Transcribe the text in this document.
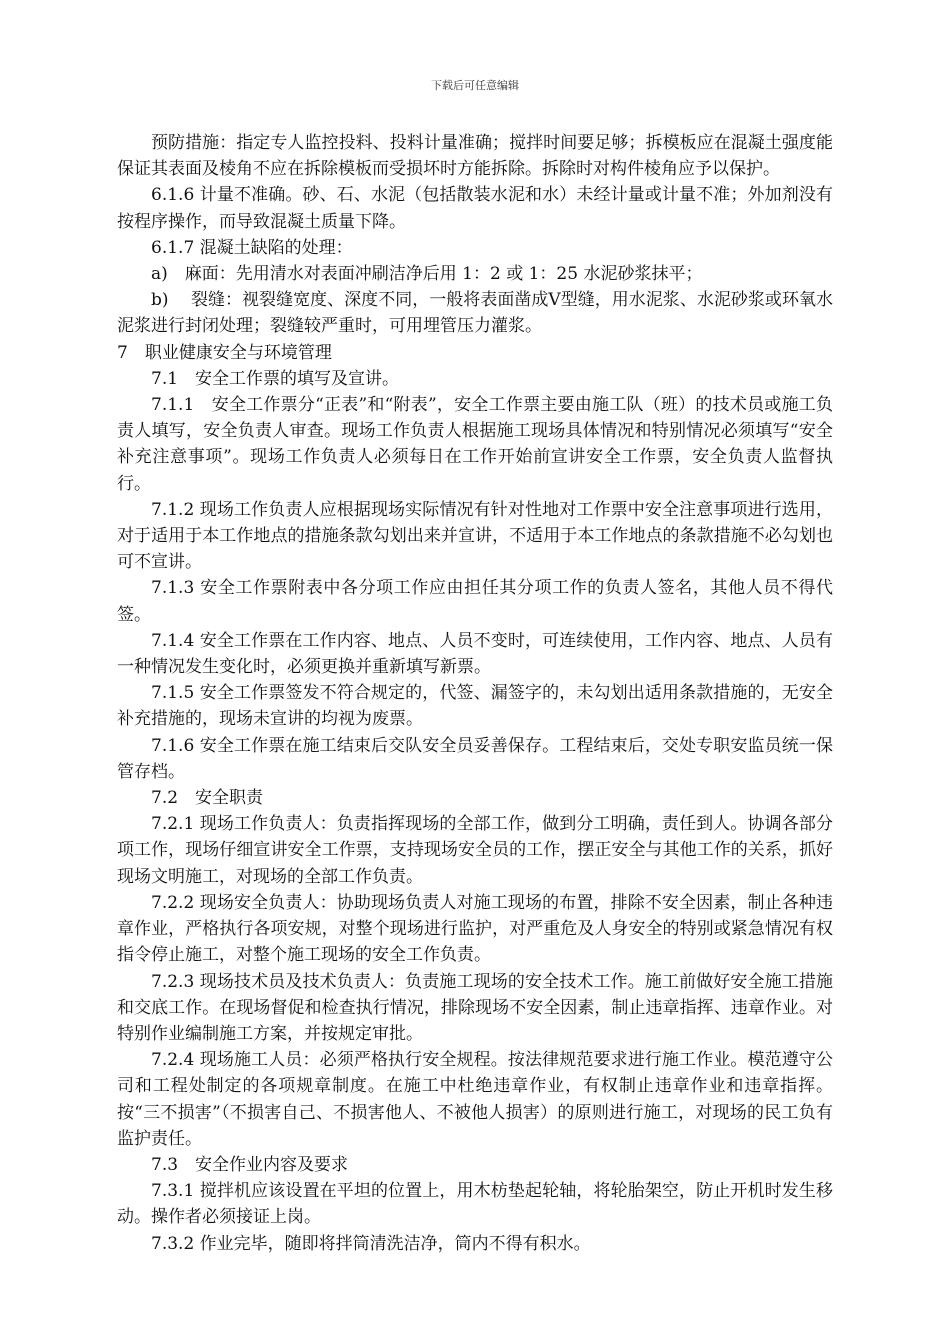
下载后可任意编辑

预防措施：指定专人监控投料、投料计量准确；搅拌时间要足够；拆模板应在混凝土强度能保证其表面及棱角不应在拆除模板而受损坏时方能拆除。拆除时对构件棱角应予以保护。

6.1.6 计量不准确。砂、石、水泥（包括散装水泥和水）未经计量或计量不准；外加剂没有按程序操作，而导致混凝土质量下降。

6.1.7 混凝土缺陷的处理：

a)　麻面：先用清水对表面冲刷洁净后用 1：2 或 1：25 水泥砂浆抹平；

b)　 裂缝：视裂缝宽度、深度不同，一般将表面凿成Ⅴ型缝，用水泥浆、水泥砂浆或环氧水泥浆进行封闭处理；裂缝较严重时，可用埋管压力灌浆。

7　职业健康安全与环境管理

7.1　安全工作票的填写及宣讲。

7.1.1　安全工作票分“正表”和“附表”，安全工作票主要由施工队（班）的技术员或施工负责人填写，安全负责人审查。现场工作负责人根据施工现场具体情况和特别情况必须填写“安全补充注意事项”。现场工作负责人必须每日在工作开始前宣讲安全工作票，安全负责人监督执行。

7.1.2 现场工作负责人应根据现场实际情况有针对性地对工作票中安全注意事项进行选用，对于适用于本工作地点的措施条款勾划出来并宣讲，不适用于本工作地点的条款措施不必勾划也可不宣讲。

7.1.3 安全工作票附表中各分项工作应由担任其分项工作的负责人签名，其他人员不得代签。

7.1.4 安全工作票在工作内容、地点、人员不变时，可连续使用，工作内容、地点、人员有一种情况发生变化时，必须更换并重新填写新票。

7.1.5 安全工作票签发不符合规定的，代签、漏签字的，未勾划出适用条款措施的，无安全补充措施的，现场未宣讲的均视为废票。

7.1.6 安全工作票在施工结束后交队安全员妥善保存。工程结束后，交处专职安监员统一保管存档。

7.2　安全职责

7.2.1 现场工作负责人：负责指挥现场的全部工作，做到分工明确，责任到人。协调各部分项工作，现场仔细宣讲安全工作票，支持现场安全员的工作，摆正安全与其他工作的关系，抓好现场文明施工，对现场的全部工作负责。

7.2.2 现场安全负责人：协助现场负责人对施工现场的布置，排除不安全因素，制止各种违章作业，严格执行各项安规，对整个现场进行监护，对严重危及人身安全的特别或紧急情况有权指令停止施工，对整个施工现场的安全工作负责。

7.2.3 现场技术员及技术负责人：负责施工现场的安全技术工作。施工前做好安全施工措施和交底工作。在现场督促和检查执行情况，排除现场不安全因素，制止违章指挥、违章作业。对特别作业编制施工方案，并按规定审批。

7.2.4 现场施工人员：必须严格执行安全规程。按法律规范要求进行施工作业。模范遵守公司和工程处制定的各项规章制度。在施工中杜绝违章作业，有权制止违章作业和违章指挥。按“三不损害”（不损害自己、不损害他人、不被他人损害）的原则进行施工，对现场的民工负有监护责任。

7.3　安全作业内容及要求

7.3.1 搅拌机应该设置在平坦的位置上，用木枋垫起轮轴，将轮胎架空，防止开机时发生移动。操作者必须接证上岗。

7.3.2 作业完毕，随即将拌筒清洗洁净，筒内不得有积水。
